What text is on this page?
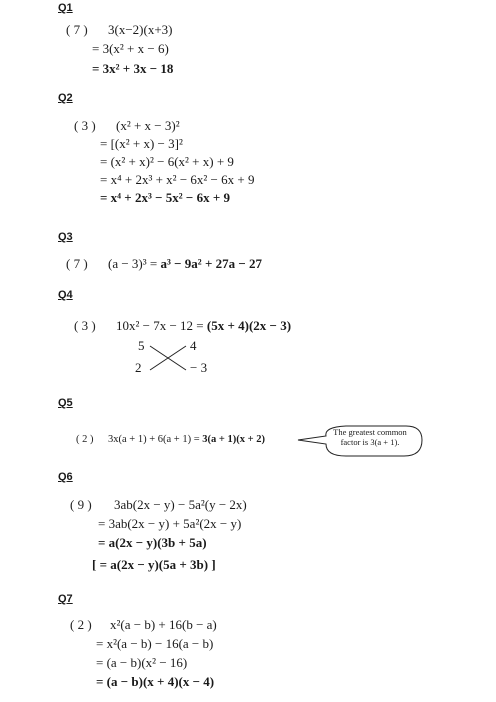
Q1
( 7 ) 3(x−2)(x+3)
= 3(x² + x − 6)
= 3x² + 3x − 18
Q2
( 3 ) (x² + x − 3)²
= [(x² + x) − 3]²
= (x² + x)² − 6(x² + x) + 9
= x⁴ + 2x³ + x² − 6x² − 6x + 9
= x⁴ + 2x³ − 5x² − 6x + 9
Q3
( 7 ) (a − 3)³ = a³ − 9a² + 27a − 27
Q4
( 3 ) 10x² − 7x − 12 = (5x + 4)(2x − 3)
5	4
2	− 3
Q5
( 2 ) 3x(a + 1) + 6(a + 1) = 3(a + 1)(x + 2)
The greatest common
factor is 3(a + 1).
Q6
( 9 ) 3ab(2x − y) − 5a²(y − 2x)
= 3ab(2x − y) + 5a²(2x − y)
= a(2x − y)(3b + 5a)
[ = a(2x − y)(5a + 3b) ]
Q7
( 2 ) x²(a − b) + 16(b − a)
= x²(a − b) − 16(a − b)
= (a − b)(x² − 16)
= (a − b)(x + 4)(x − 4)
